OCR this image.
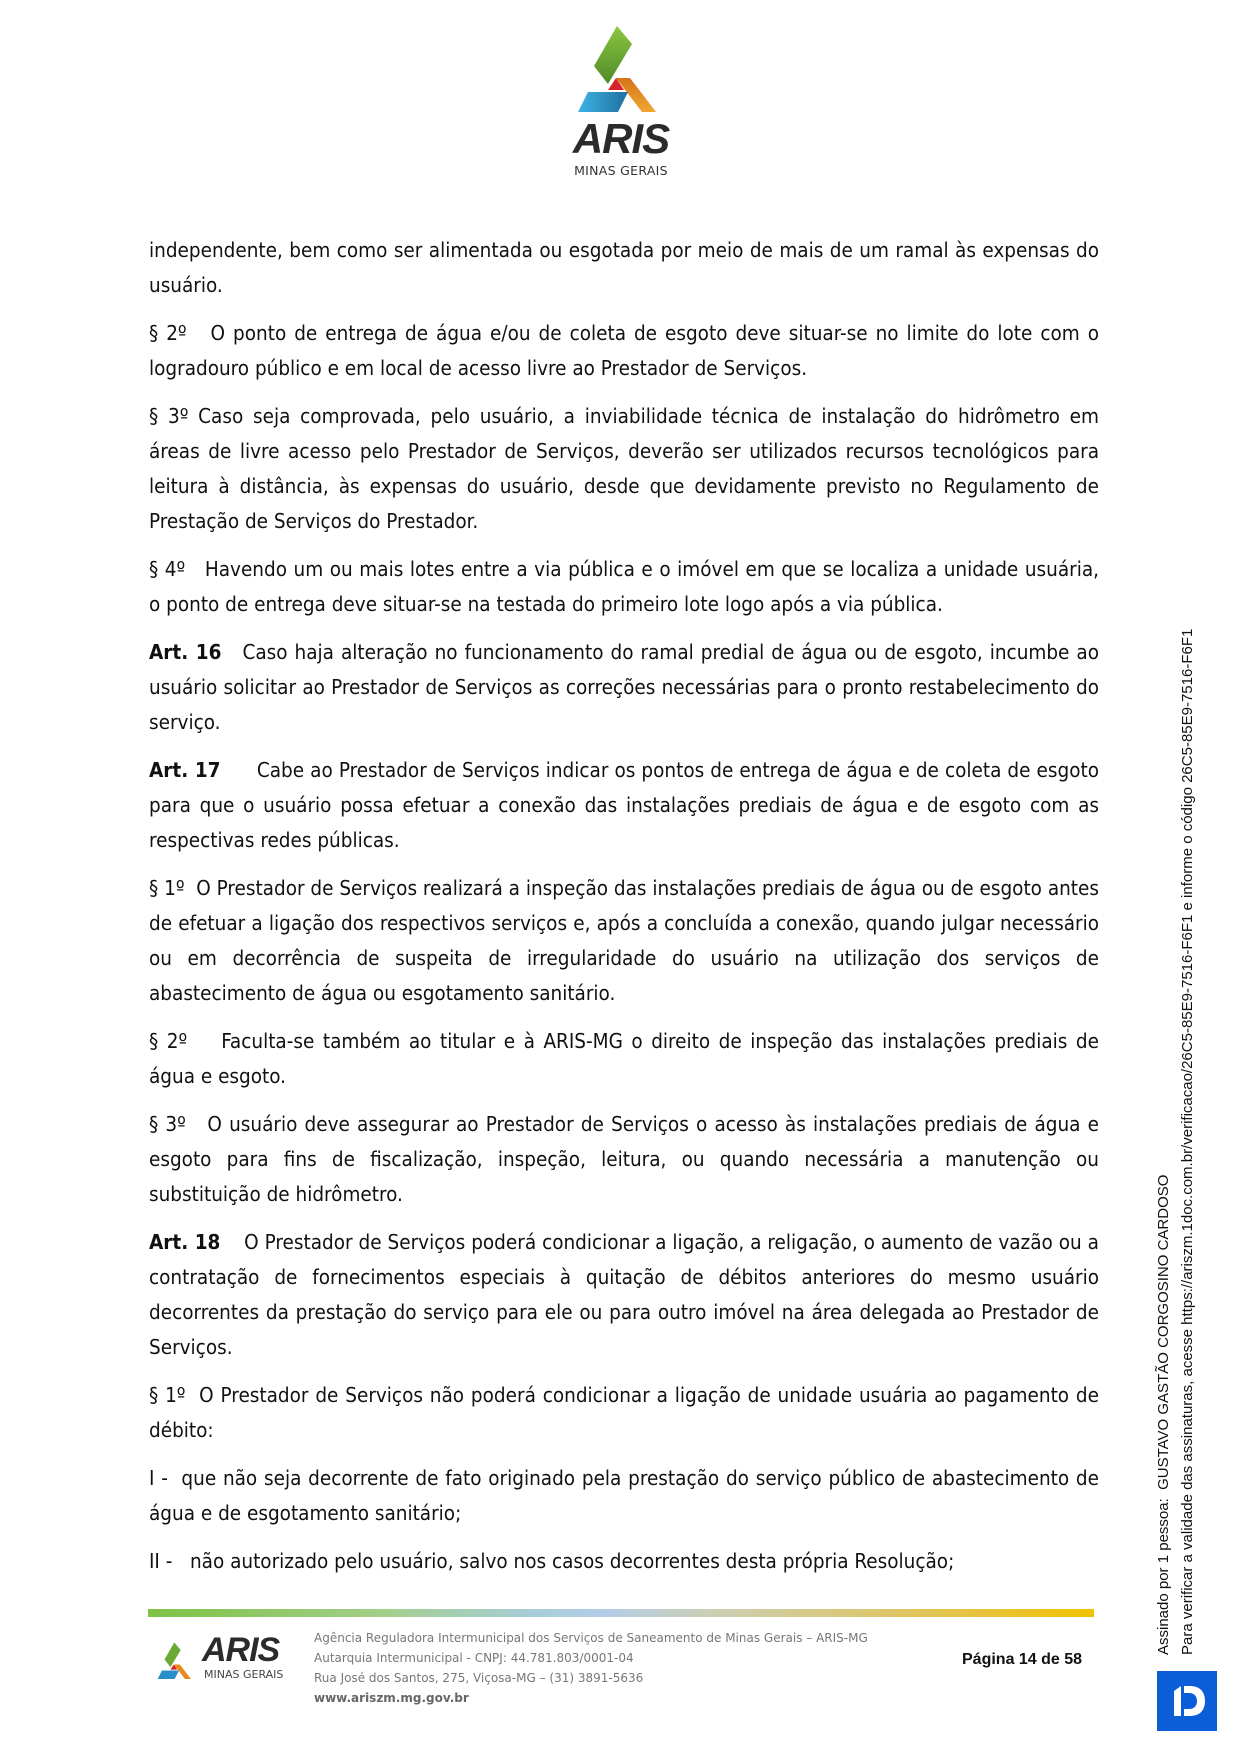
ARIS
MINAS GERAIS

independente, bem como ser alimentada ou esgotada por meio de mais de um ramal às expensas do usuário.

§ 2º   O ponto de entrega de água e/ou de coleta de esgoto deve situar-se no limite do lote com o logradouro público e em local de acesso livre ao Prestador de Serviços.

§ 3º Caso seja comprovada, pelo usuário, a inviabilidade técnica de instalação do hidrômetro em áreas de livre acesso pelo Prestador de Serviços, deverão ser utilizados recursos tecnológicos para leitura à distância, às expensas do usuário, desde que devidamente previsto no Regulamento de Prestação de Serviços do Prestador.

§ 4º   Havendo um ou mais lotes entre a via pública e o imóvel em que se localiza a unidade usuária, o ponto de entrega deve situar-se na testada do primeiro lote logo após a via pública.

Art. 16   Caso haja alteração no funcionamento do ramal predial de água ou de esgoto, incumbe ao usuário solicitar ao Prestador de Serviços as correções necessárias para o pronto restabelecimento do serviço.

Art. 17      Cabe ao Prestador de Serviços indicar os pontos de entrega de água e de coleta de esgoto para que o usuário possa efetuar a conexão das instalações prediais de água e de esgoto com as respectivas redes públicas.

§ 1º  O Prestador de Serviços realizará a inspeção das instalações prediais de água ou de esgoto antes de efetuar a ligação dos respectivos serviços e, após a concluída a conexão, quando julgar necessário ou em decorrência de suspeita de irregularidade do usuário na utilização dos serviços de abastecimento de água ou esgotamento sanitário.

§ 2º    Faculta-se também ao titular e à ARIS-MG o direito de inspeção das instalações prediais de água e esgoto.

§ 3º   O usuário deve assegurar ao Prestador de Serviços o acesso às instalações prediais de água e esgoto para fins de fiscalização, inspeção, leitura, ou quando necessária a manutenção ou substituição de hidrômetro.

Art. 18    O Prestador de Serviços poderá condicionar a ligação, a religação, o aumento de vazão ou a contratação de fornecimentos especiais à quitação de débitos anteriores do mesmo usuário decorrentes da prestação do serviço para ele ou para outro imóvel na área delegada ao Prestador de Serviços.

§ 1º  O Prestador de Serviços não poderá condicionar a ligação de unidade usuária ao pagamento de débito:

I -  que não seja decorrente de fato originado pela prestação do serviço público de abastecimento de água e de esgotamento sanitário;

II -   não autorizado pelo usuário, salvo nos casos decorrentes desta própria Resolução;

ARIS
MINAS GERAIS
Agência Reguladora Intermunicipal dos Serviços de Saneamento de Minas Gerais – ARIS-MG
Autarquia Intermunicipal - CNPJ: 44.781.803/0001-04
Rua José dos Santos, 275, Viçosa-MG – (31) 3891-5636
www.ariszm.mg.gov.br
Página 14 de 58
Assinado por 1 pessoa:  GUSTAVO GASTÃO CORGOSINO CARDOSO Para verificar a validade das assinaturas, acesse https://ariszm.1doc.com.br/verificacao/26C5-85E9-7516-F6F1 e informe o código 26C5-85E9-7516-F6F1
